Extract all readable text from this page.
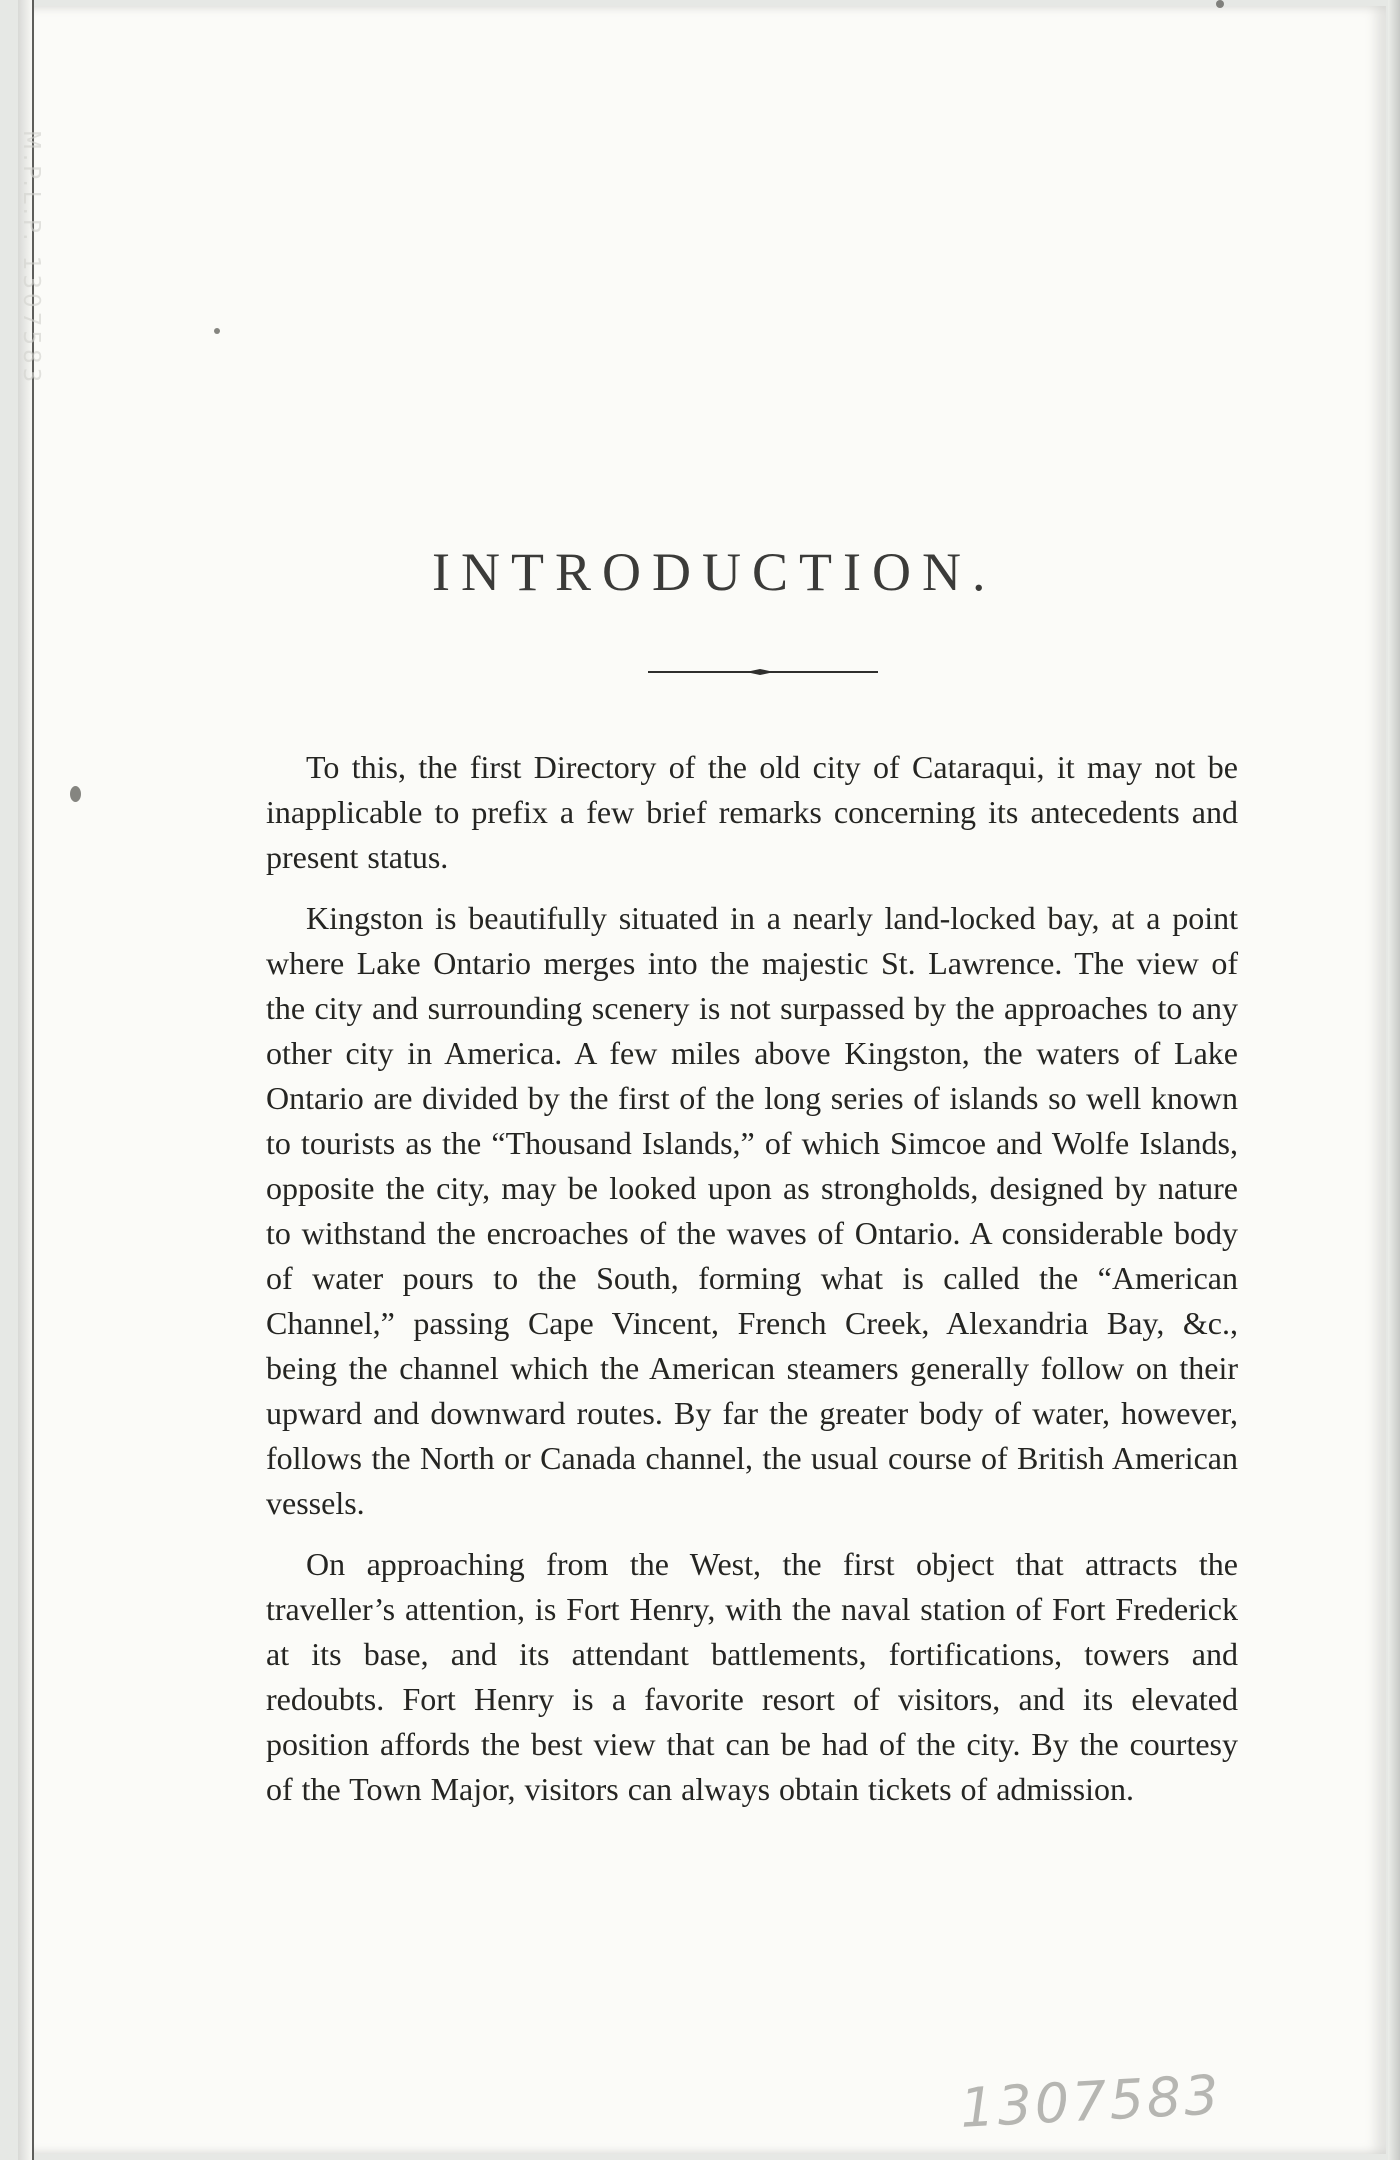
INTRODUCTION.

To this, the first Directory of the old city of Cataraqui, it may not be inapplicable to prefix a few brief remarks concerning its antecedents and present status.

Kingston is beautifully situated in a nearly land-locked bay, at a point where Lake Ontario merges into the majestic St. Lawrence. The view of the city and surrounding scenery is not surpassed by the approaches to any other city in America. A few miles above Kingston, the waters of Lake Ontario are divided by the first of the long series of islands so well known to tourists as the “Thousand Islands,” of which Simcoe and Wolfe Islands, opposite the city, may be looked upon as strongholds, designed by nature to withstand the encroaches of the waves of Ontario. A considerable body of water pours to the South, forming what is called the “American Channel,” passing Cape Vincent, French Creek, Alexandria Bay, &c., being the channel which the American steamers generally follow on their upward and downward routes. By far the greater body of water, however, follows the North or Canada channel, the usual course of British American vessels.

On approaching from the West, the first object that attracts the traveller’s attention, is Fort Henry, with the naval station of Fort Frederick at its base, and its attendant battlements, fortifications, towers and redoubts. Fort Henry is a favorite resort of visitors, and its elevated position affords the best view that can be had of the city. By the courtesy of the Town Major, visitors can always obtain tickets of admission.

1307583
